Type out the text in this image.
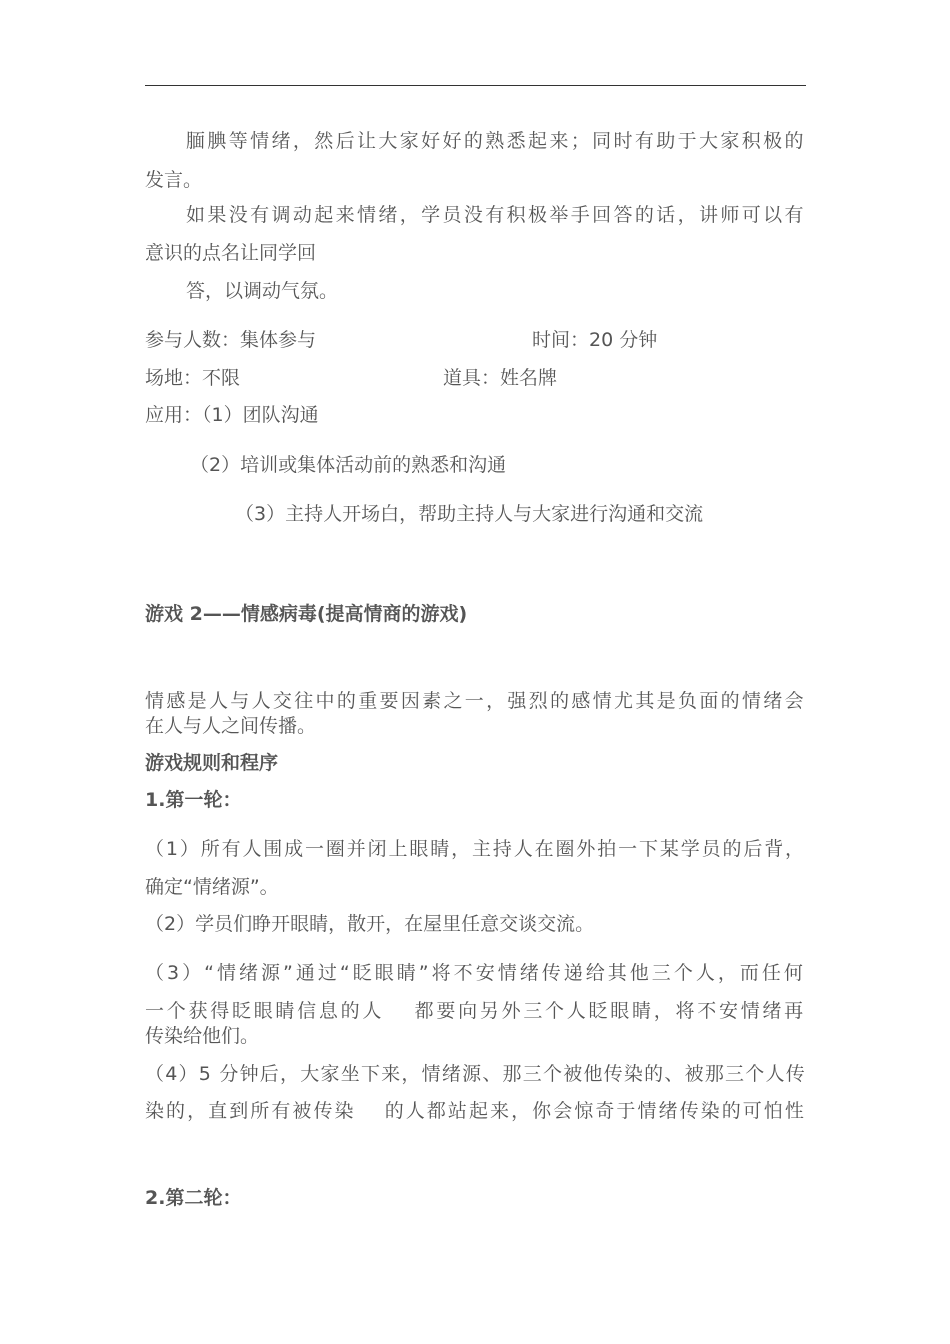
腼腆等情绪，然后让大家好好的熟悉起来；同时有助于大家积极的
发言。
如果没有调动起来情绪，学员没有积极举手回答的话，讲师可以有
意识的点名让同学回
答，以调动气氛。
参与人数：集体参与	时间：20 分钟
场地：不限	道具：姓名牌
应用：（1）团队沟通
（2）培训或集体活动前的熟悉和沟通
（3）主持人开场白，帮助主持人与大家进行沟通和交流
游戏 2——情感病毒(提高情商的游戏)
情感是人与人交往中的重要因素之一，强烈的感情尤其是负面的情绪会
在人与人之间传播。
游戏规则和程序
1.第一轮：
（1）所有人围成一圈并闭上眼睛，主持人在圈外拍一下某学员的后背，
确定“情绪源”。
（2）学员们睁开眼睛，散开，在屋里任意交谈交流。
（3）“情绪源”通过“眨眼睛”将不安情绪传递给其他三个人，而任何
一个获得眨眼睛信息的人　 都要向另外三个人眨眼睛，将不安情绪再
传染给他们。
（4）5 分钟后，大家坐下来，情绪源、那三个被他传染的、被那三个人传
染的，直到所有被传染　 的人都站起来，你会惊奇于情绪传染的可怕性
2.第二轮：
